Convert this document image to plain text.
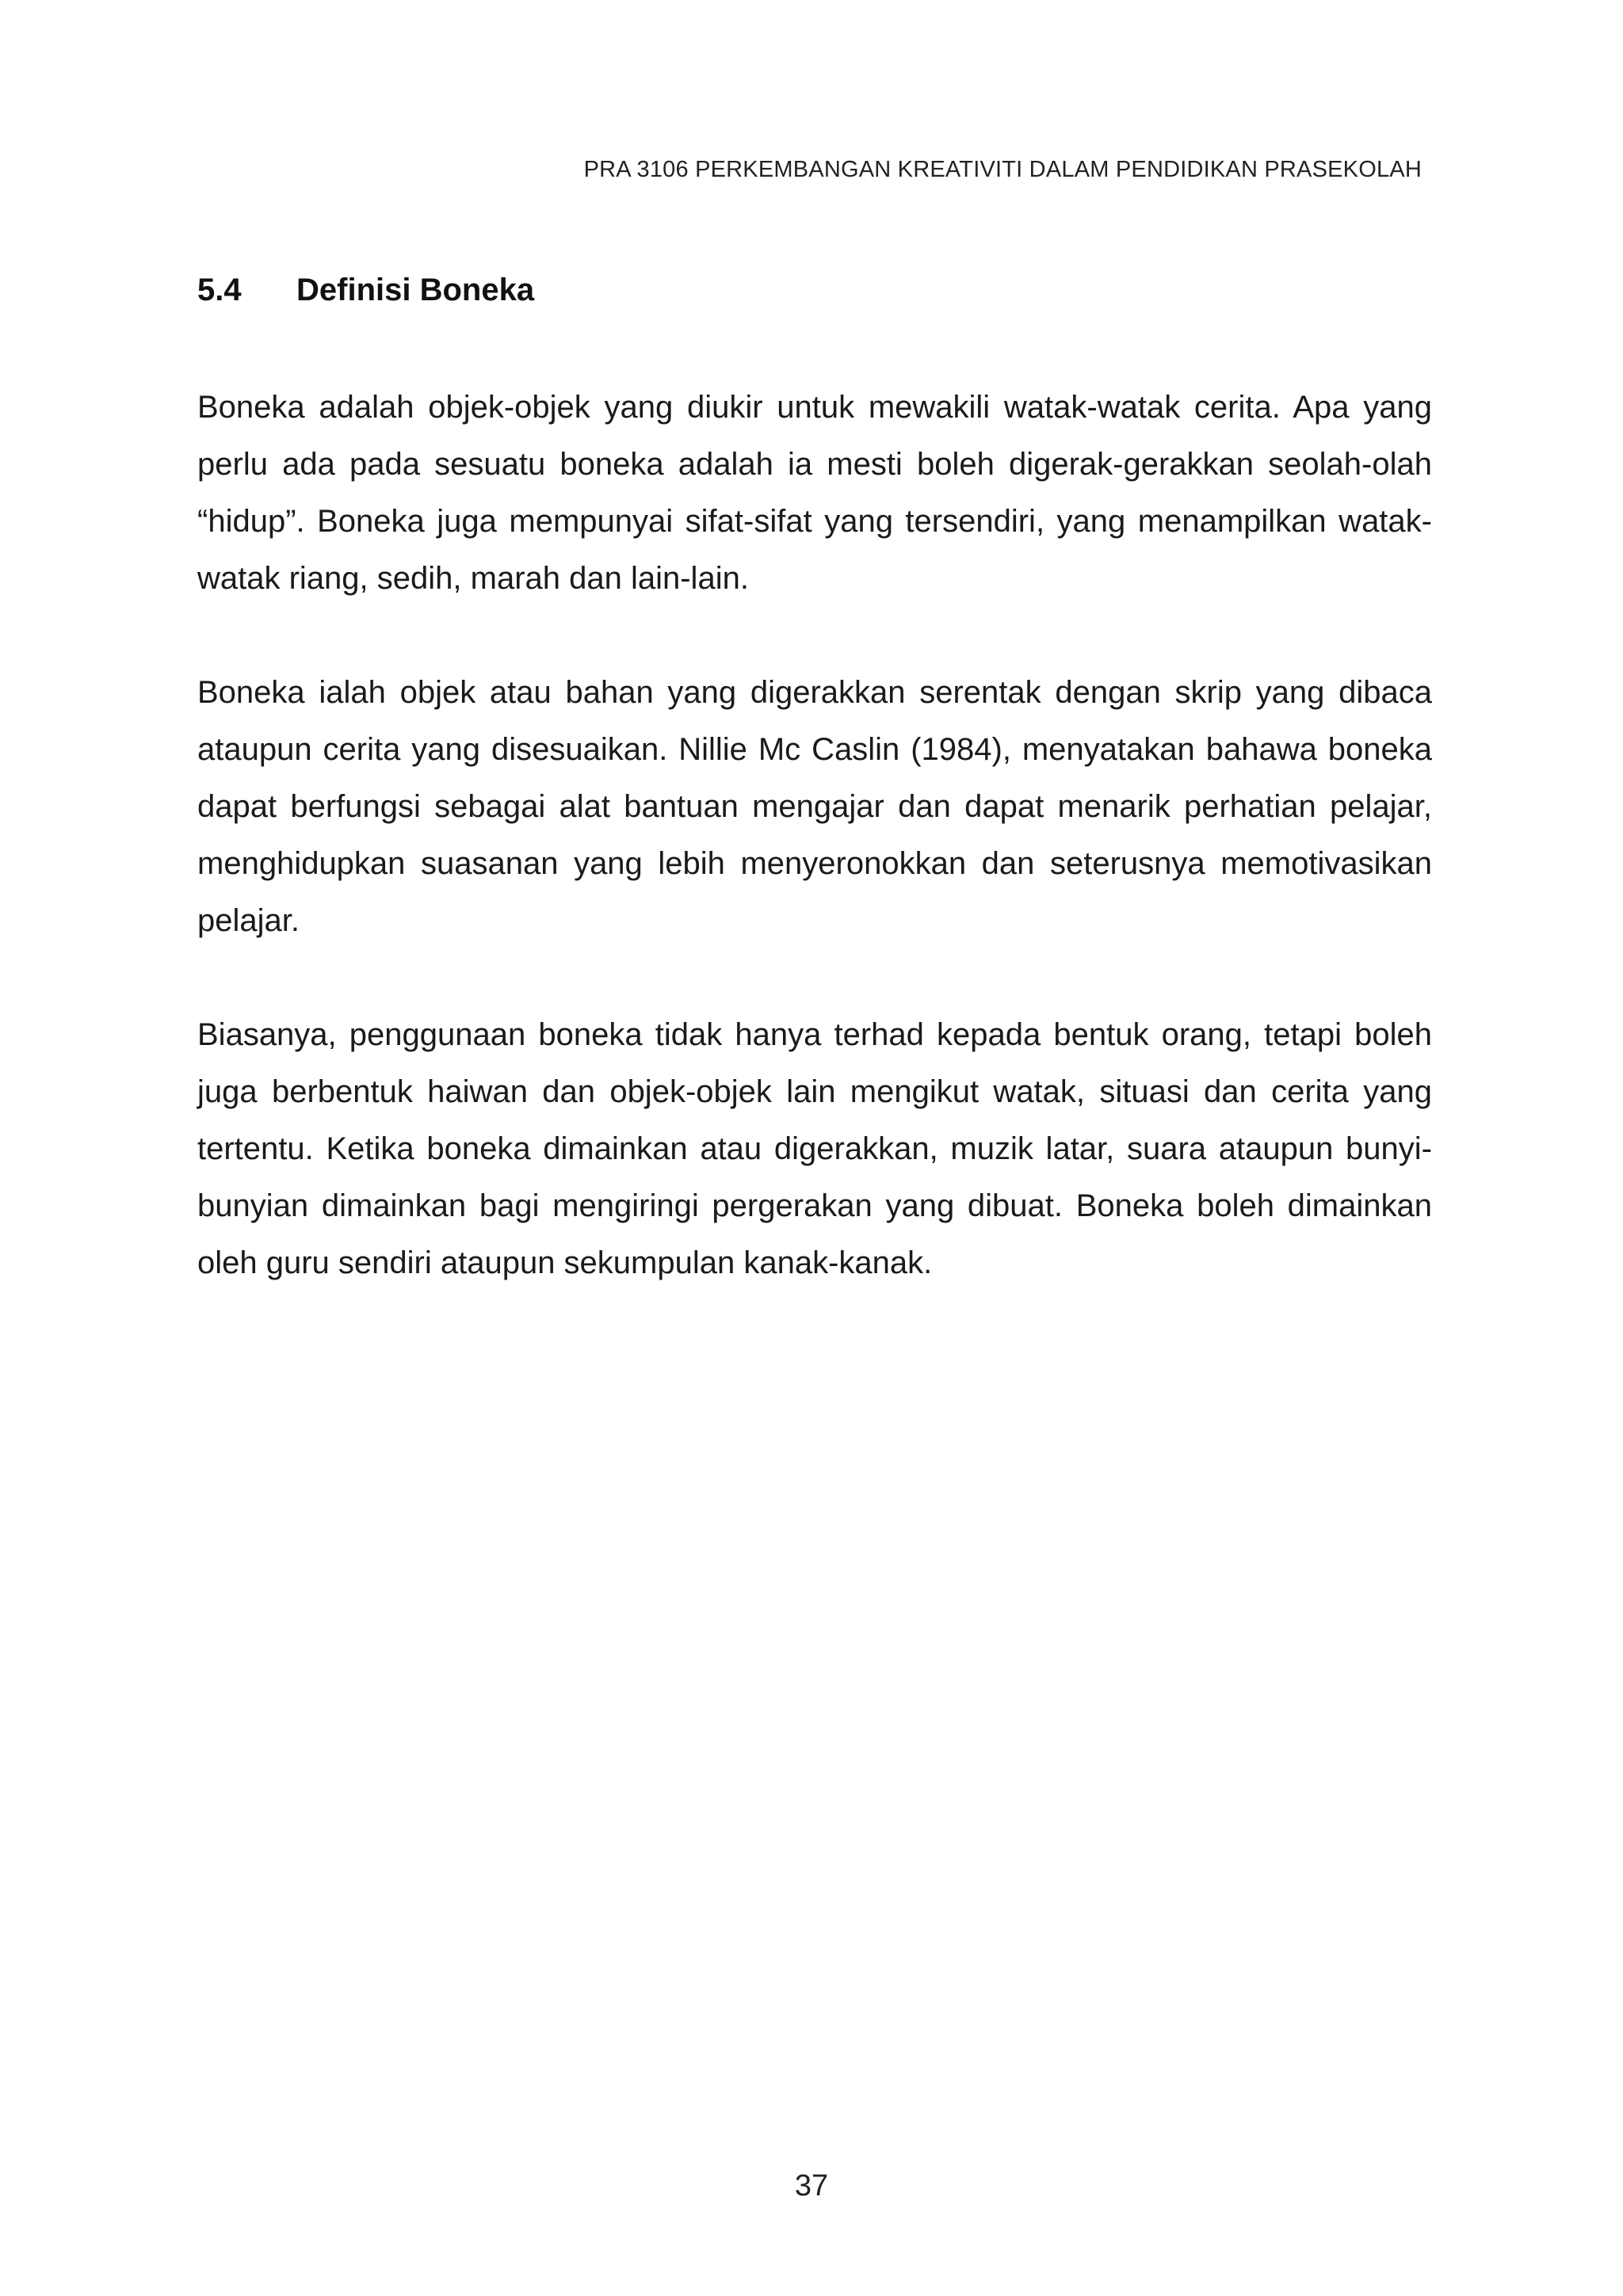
PRA 3106 PERKEMBANGAN KREATIVITI DALAM PENDIDIKAN PRASEKOLAH
5.4 Definisi Boneka

Boneka adalah objek-objek yang diukir untuk mewakili watak-watak cerita. Apa yang perlu ada pada sesuatu boneka adalah ia mesti boleh digerak-gerakkan seolah-olah “hidup”. Boneka juga mempunyai sifat-sifat yang tersendiri, yang menampilkan watak-watak riang, sedih, marah dan lain-lain.

Boneka ialah objek atau bahan yang digerakkan serentak dengan skrip yang dibaca ataupun cerita yang disesuaikan. Nillie Mc Caslin (1984), menyatakan bahawa boneka dapat berfungsi sebagai alat bantuan mengajar dan dapat menarik perhatian pelajar, menghidupkan suasanan yang lebih menyeronokkan dan seterusnya memotivasikan pelajar.

Biasanya, penggunaan boneka tidak hanya terhad kepada bentuk orang, tetapi boleh juga berbentuk haiwan dan objek-objek lain mengikut watak, situasi dan cerita yang tertentu. Ketika boneka dimainkan atau digerakkan, muzik latar, suara ataupun bunyi-bunyian dimainkan bagi mengiringi pergerakan yang dibuat. Boneka boleh dimainkan oleh guru sendiri ataupun sekumpulan kanak-kanak.

37
